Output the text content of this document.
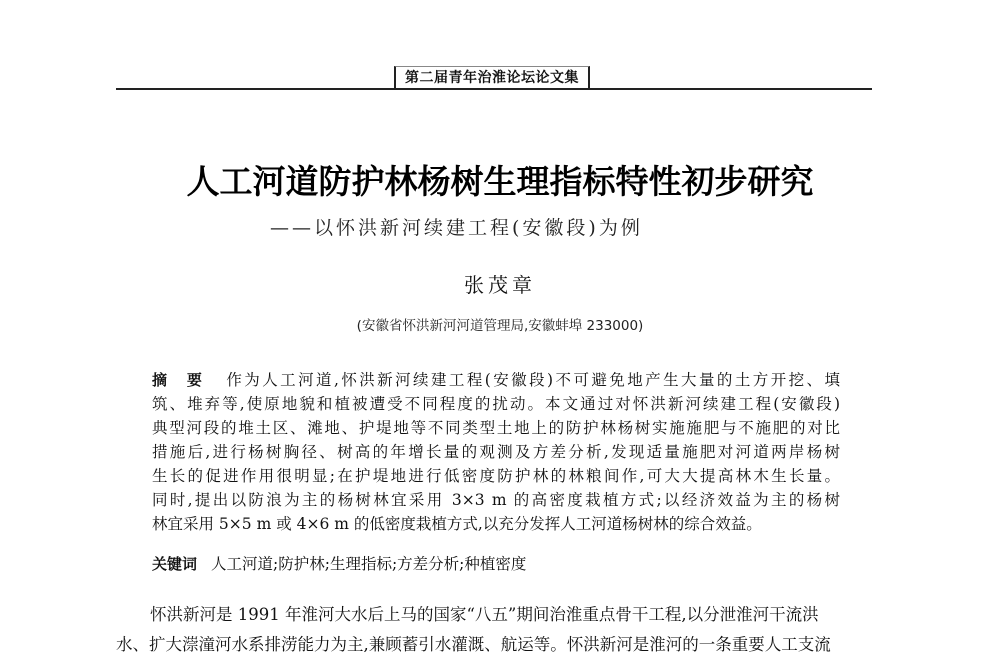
第二届青年治淮论坛论文集
人工河道防护林杨树生理指标特性初步研究
——以怀洪新河续建工程(安徽段)为例
张茂章
(安徽省怀洪新河河道管理局,安徽蚌埠 233000)
摘　要 作为人工河道,怀洪新河续建工程(安徽段)不可避免地产生大量的土方开挖、填
筑、堆弃等,使原地貌和植被遭受不同程度的扰动。本文通过对怀洪新河续建工程(安徽段)
典型河段的堆土区、滩地、护堤地等不同类型土地上的防护林杨树实施施肥与不施肥的对比
措施后,进行杨树胸径、树高的年增长量的观测及方差分析,发现适量施肥对河道两岸杨树
生长的促进作用很明显;在护堤地进行低密度防护林的林粮间作,可大大提高林木生长量。
同时,提出以防浪为主的杨树林宜采用 3×3 m 的高密度栽植方式;以经济效益为主的杨树
林宜采用 5×5 m 或 4×6 m 的低密度栽植方式,以充分发挥人工河道杨树林的综合效益。
关键词 人工河道;防护林;生理指标;方差分析;种植密度
怀洪新河是 1991 年淮河大水后上马的国家“八五”期间治淮重点骨干工程,以分泄淮河干流洪
水、扩大漴潼河水系排涝能力为主,兼顾蓄引水灌溉、航运等。怀洪新河是淮河的一条重要人工支流
